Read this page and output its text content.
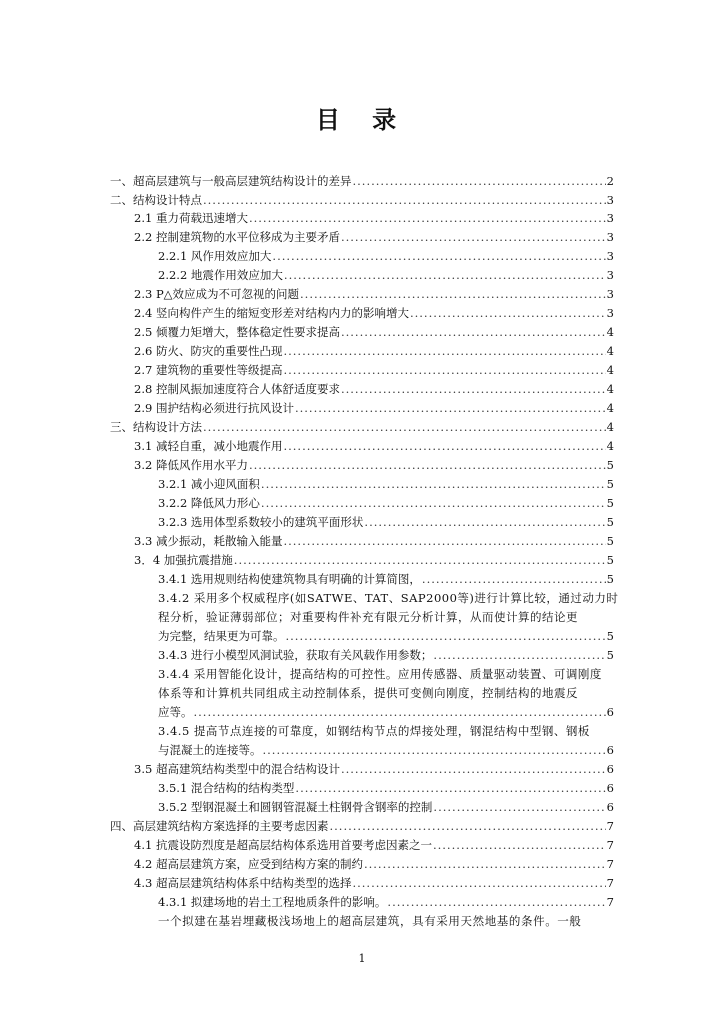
目 录
一、超高层建筑与一般高层建筑结构设计的差异 .....	2
二、结构设计特点 .....	3
2.1 重力荷载迅速增大 .....	3
2.2 控制建筑物的水平位移成为主要矛盾 .....	3
2.2.1 风作用效应加大 .....	3
2.2.2 地震作用效应加大 .....	3
2.3 P△效应成为不可忽视的问题 .....	3
2.4 竖向构件产生的缩短变形差对结构内力的影响增大 .....	3
2.5 倾覆力矩增大，整体稳定性要求提高 .....	4
2.6 防火、防灾的重要性凸现 .....	4
2.7 建筑物的重要性等级提高 .....	4
2.8 控制风振加速度符合人体舒适度要求 .....	4
2.9 围护结构必须进行抗风设计 .....	4
三、结构设计方法 .....	4
3.1 减轻自重，减小地震作用 .....	4
3.2 降低风作用水平力 .....	5
3.2.1 减小迎风面积 .....	5
3.2.2 降低风力形心 .....	5
3.2.3 选用体型系数较小的建筑平面形状 .....	5
3.3 减少振动，耗散输入能量 .....	5
3．4 加强抗震措施 .....	5
3.4.1 选用规则结构使建筑物具有明确的计算简图， .....	5
3.4.2 采用多个权威程序(如SATWE、TAT、SAP2000等)进行计算比较，通过动力时
程分析，验证薄弱部位；对重要构件补充有限元分析计算，从而使计算的结论更
为完整，结果更为可靠。 .....	5
3.4.3 进行小模型风洞试验，获取有关风载作用参数； .....	5
3.4.4 采用智能化设计，提高结构的可控性。应用传感器、质量驱动装置、可调刚度
体系等和计算机共同组成主动控制体系，提供可变侧向刚度，控制结构的地震反
应等。 .....	6
3.4.5 提高节点连接的可靠度，如钢结构节点的焊接处理，钢混结构中型钢、钢板
与混凝土的连接等。 .....	6
3.5 超高建筑结构类型中的混合结构设计 .....	6
3.5.1 混合结构的结构类型 .....	6
3.5.2 型钢混凝土和圆钢管混凝土柱钢骨含钢率的控制 .....	6
四、高层建筑结构方案选择的主要考虑因素 .....	7
4.1 抗震设防烈度是超高层结构体系选用首要考虑因素之一 .....	7
4.2 超高层建筑方案，应受到结构方案的制约 .....	7
4.3 超高层建筑结构体系中结构类型的选择 .....	7
4.3.1 拟建场地的岩土工程地质条件的影响。 .....	7
一个拟建在基岩埋藏极浅场地上的超高层建筑，具有采用天然地基的条件。一般
1
